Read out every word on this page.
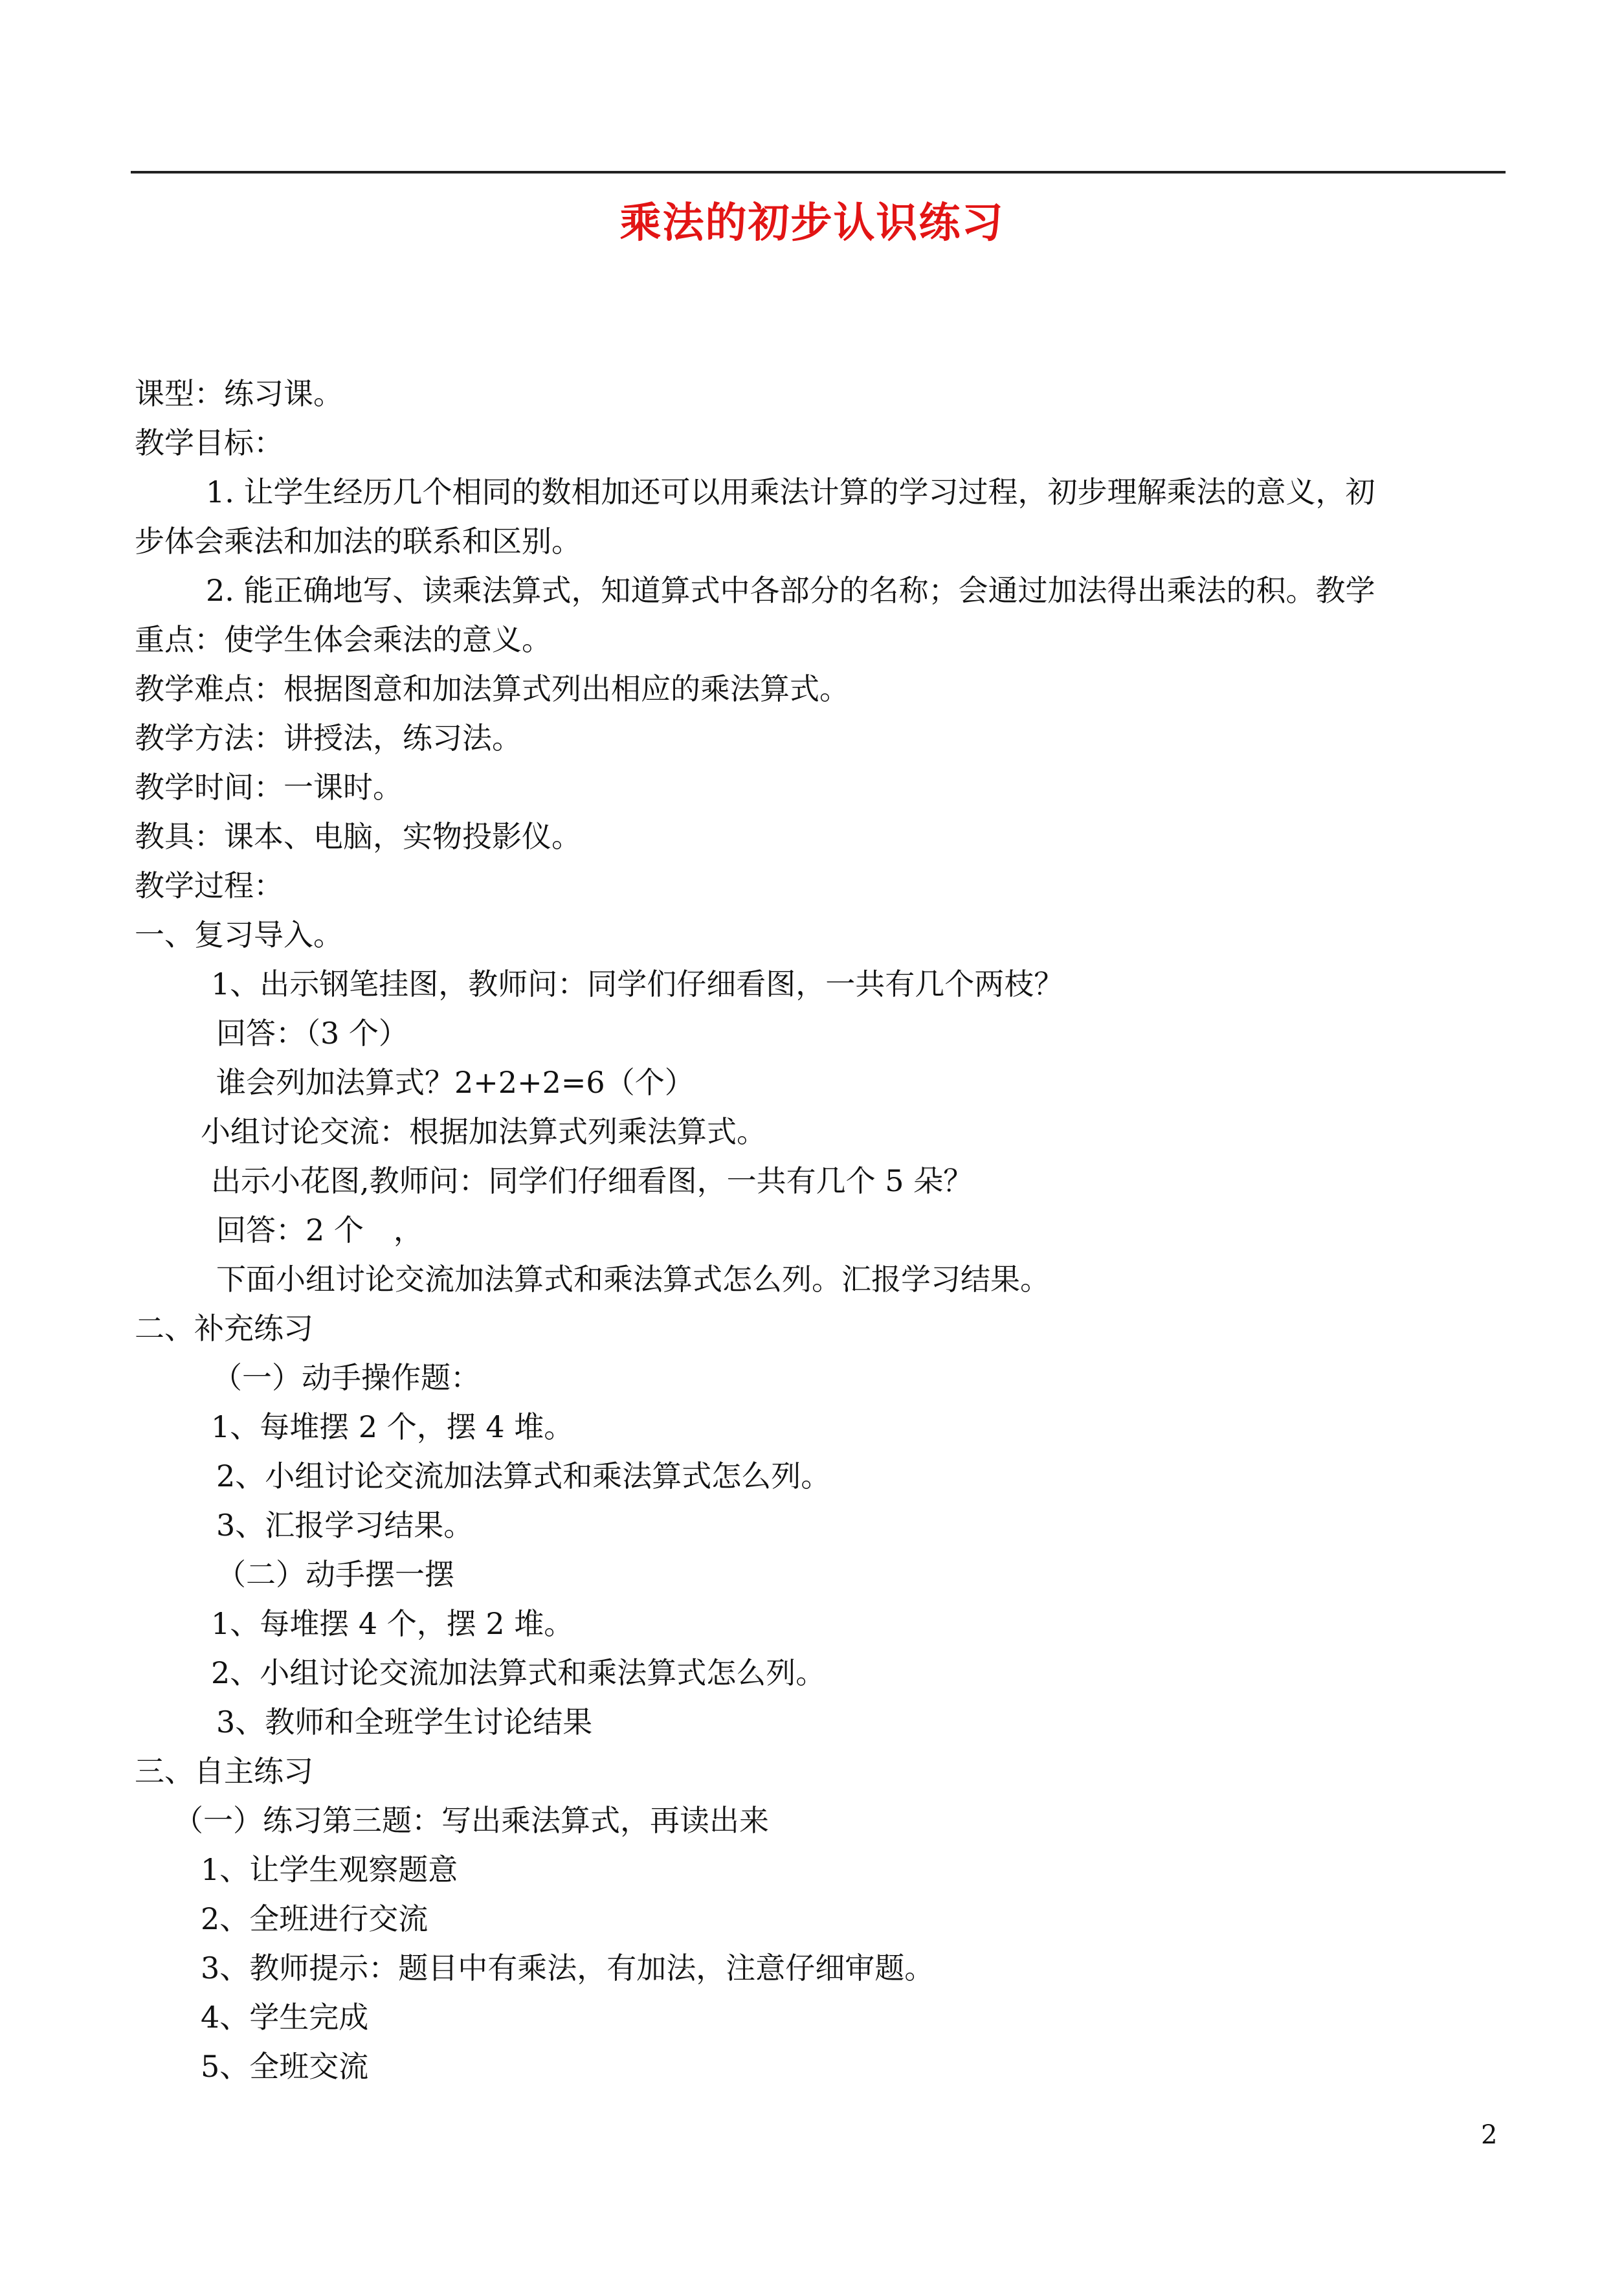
乘法的初步认识练习
课型：练习课。
教学目标：
1. 让学生经历几个相同的数相加还可以用乘法计算的学习过程，初步理解乘法的意义，初
步体会乘法和加法的联系和区别。
2. 能正确地写、读乘法算式，知道算式中各部分的名称；会通过加法得出乘法的积。教学
重点：使学生体会乘法的意义。
教学难点：根据图意和加法算式列出相应的乘法算式。
教学方法：讲授法，练习法。
教学时间：一课时。
教具：课本、电脑，实物投影仪。
教学过程：
一、复习导入。
1、出示钢笔挂图，教师问：同学们仔细看图，一共有几个两枝？
回答：（3 个）
谁会列加法算式？2+2+2=6（个）
小组讨论交流：根据加法算式列乘法算式。
出示小花图,教师问：同学们仔细看图，一共有几个 5 朵？
回答：2 个　，
下面小组讨论交流加法算式和乘法算式怎么列。汇报学习结果。
二、补充练习
（一）动手操作题：
1、每堆摆 2 个，摆 4 堆。
2、小组讨论交流加法算式和乘法算式怎么列。
3、汇报学习结果。
（二）动手摆一摆
1、每堆摆 4 个，摆 2 堆。
2、小组讨论交流加法算式和乘法算式怎么列。
3、教师和全班学生讨论结果
三、自主练习
（一）练习第三题：写出乘法算式，再读出来
1、让学生观察题意
2、全班进行交流
3、教师提示：题目中有乘法，有加法，注意仔细审题。
4、学生完成
5、全班交流
2
